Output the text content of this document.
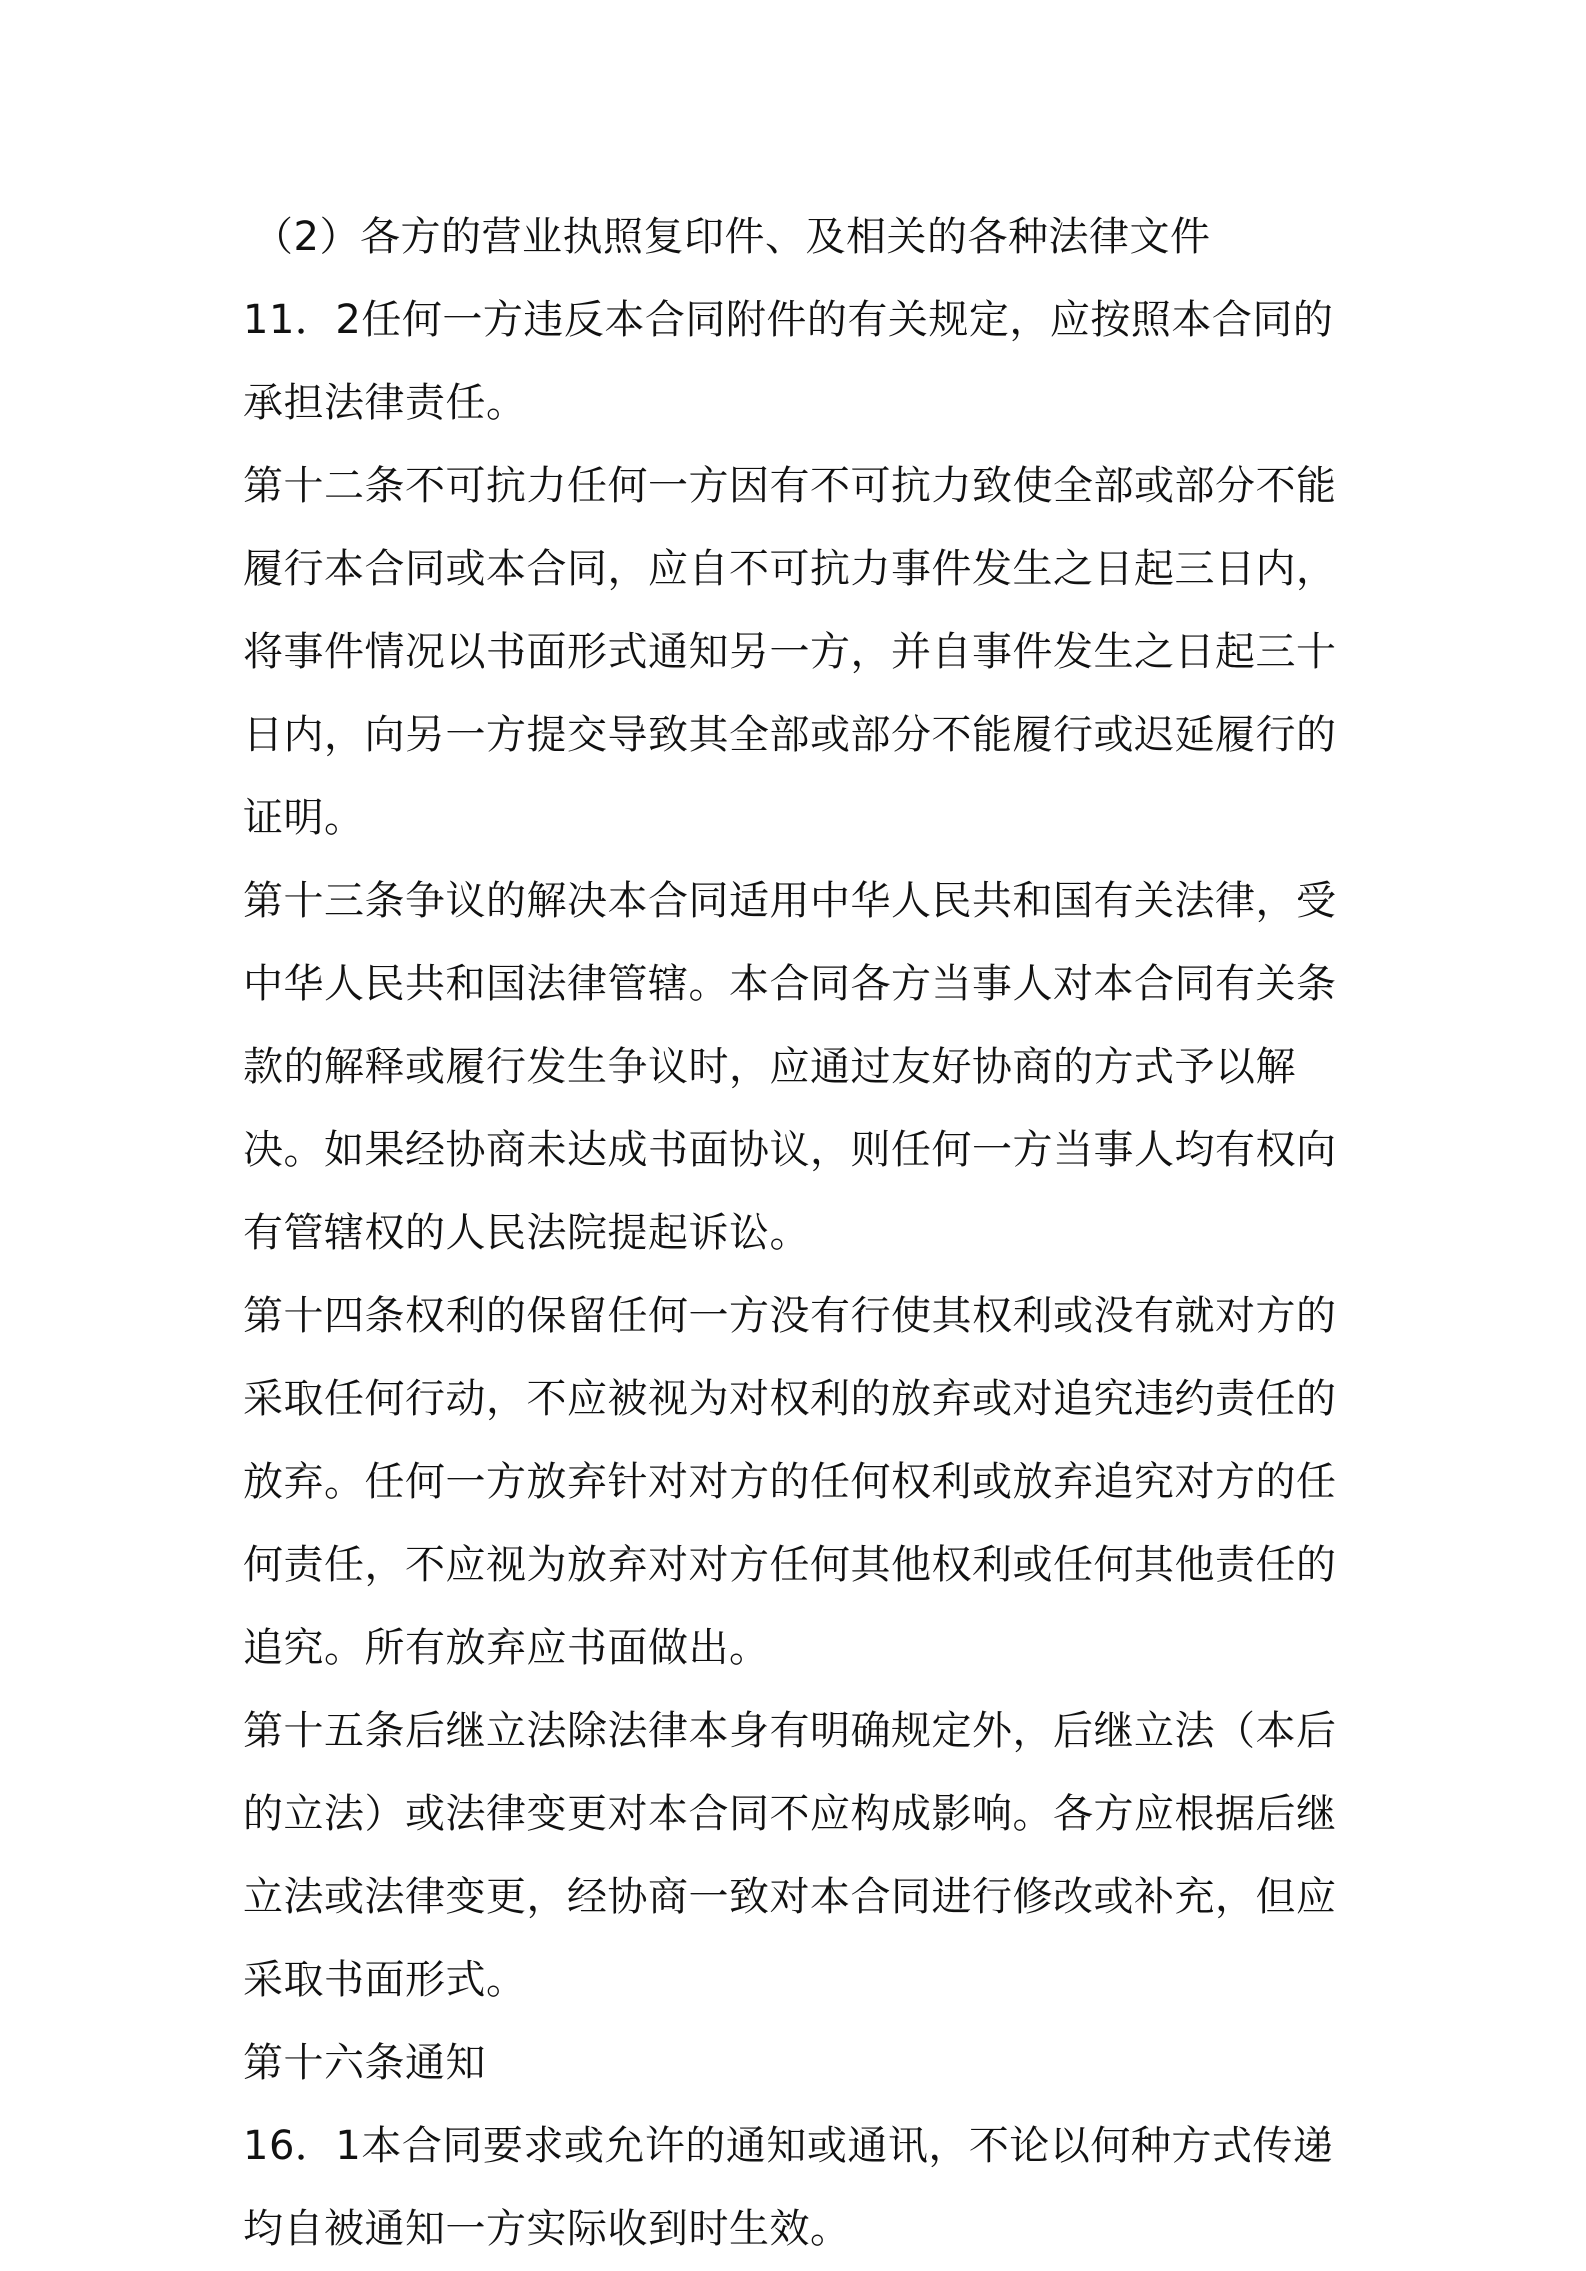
（2）各方的营业执照复印件、及相关的各种法律文件

11．2任何一方违反本合同附件的有关规定，应按照本合同的承担法律责任。

第十二条不可抗力任何一方因有不可抗力致使全部或部分不能履行本合同或本合同，应自不可抗力事件发生之日起三日内，将事件情况以书面形式通知另一方，并自事件发生之日起三十日内，向另一方提交导致其全部或部分不能履行或迟延履行的证明。

第十三条争议的解决本合同适用中华人民共和国有关法律，受中华人民共和国法律管辖。本合同各方当事人对本合同有关条款的解释或履行发生争议时，应通过友好协商的方式予以解决。如果经协商未达成书面协议，则任何一方当事人均有权向有管辖权的人民法院提起诉讼。

第十四条权利的保留任何一方没有行使其权利或没有就对方的采取任何行动，不应被视为对权利的放弃或对追究违约责任的放弃。任何一方放弃针对对方的任何权利或放弃追究对方的任何责任，不应视为放弃对对方任何其他权利或任何其他责任的追究。所有放弃应书面做出。

第十五条后继立法除法律本身有明确规定外，后继立法（本后的立法）或法律变更对本合同不应构成影响。各方应根据后继立法或法律变更，经协商一致对本合同进行修改或补充，但应采取书面形式。

第十六条通知

16．1本合同要求或允许的通知或通讯，不论以何种方式传递均自被通知一方实际收到时生效。
